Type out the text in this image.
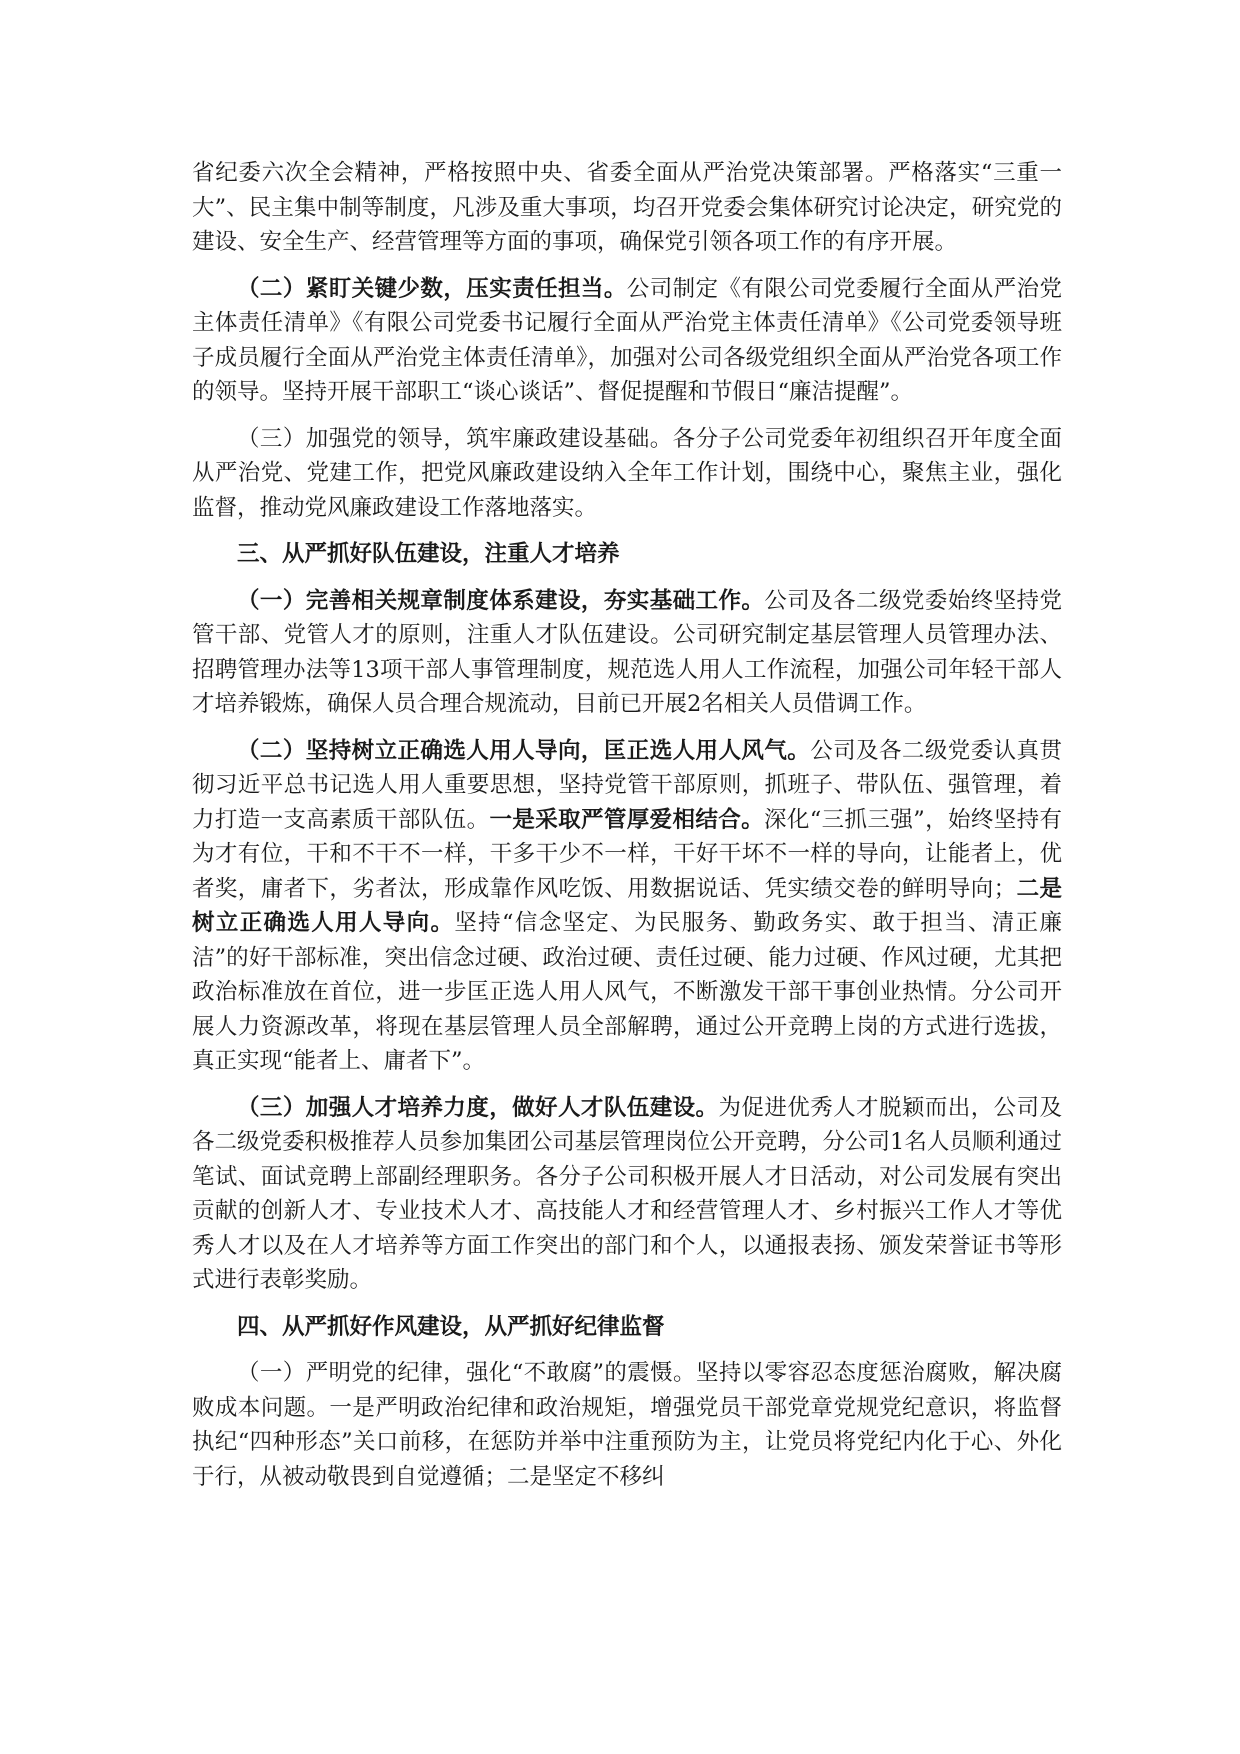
省纪委六次全会精神，严格按照中央、省委全面从严治党决策部署。严格落实“三重一大”、民主集中制等制度，凡涉及重大事项，均召开党委会集体研究讨论决定，研究党的建设、安全生产、经营管理等方面的事项，确保党引领各项工作的有序开展。

（二）紧盯关键少数，压实责任担当。公司制定《有限公司党委履行全面从严治党主体责任清单》《有限公司党委书记履行全面从严治党主体责任清单》《公司党委领导班子成员履行全面从严治党主体责任清单》，加强对公司各级党组织全面从严治党各项工作的领导。坚持开展干部职工“谈心谈话”、督促提醒和节假日“廉洁提醒”。

（三）加强党的领导，筑牢廉政建设基础。各分子公司党委年初组织召开年度全面从严治党、党建工作，把党风廉政建设纳入全年工作计划，围绕中心，聚焦主业，强化监督，推动党风廉政建设工作落地落实。

三、从严抓好队伍建设，注重人才培养

（一）完善相关规章制度体系建设，夯实基础工作。公司及各二级党委始终坚持党管干部、党管人才的原则，注重人才队伍建设。公司研究制定基层管理人员管理办法、招聘管理办法等13项干部人事管理制度，规范选人用人工作流程，加强公司年轻干部人才培养锻炼，确保人员合理合规流动，目前已开展2名相关人员借调工作。

（二）坚持树立正确选人用人导向，匡正选人用人风气。公司及各二级党委认真贯彻习近平总书记选人用人重要思想，坚持党管干部原则，抓班子、带队伍、强管理，着力打造一支高素质干部队伍。一是采取严管厚爱相结合。深化“三抓三强”，始终坚持有为才有位，干和不干不一样，干多干少不一样，干好干坏不一样的导向，让能者上，优者奖，庸者下，劣者汰，形成靠作风吃饭、用数据说话、凭实绩交卷的鲜明导向；二是树立正确选人用人导向。坚持“信念坚定、为民服务、勤政务实、敢于担当、清正廉洁”的好干部标准，突出信念过硬、政治过硬、责任过硬、能力过硬、作风过硬，尤其把政治标准放在首位，进一步匡正选人用人风气，不断激发干部干事创业热情。分公司开展人力资源改革，将现在基层管理人员全部解聘，通过公开竞聘上岗的方式进行选拔，真正实现“能者上、庸者下”。

（三）加强人才培养力度，做好人才队伍建设。为促进优秀人才脱颖而出，公司及各二级党委积极推荐人员参加集团公司基层管理岗位公开竞聘，分公司1名人员顺利通过笔试、面试竞聘上部副经理职务。各分子公司积极开展人才日活动，对公司发展有突出贡献的创新人才、专业技术人才、高技能人才和经营管理人才、乡村振兴工作人才等优秀人才以及在人才培养等方面工作突出的部门和个人，以通报表扬、颁发荣誉证书等形式进行表彰奖励。

四、从严抓好作风建设，从严抓好纪律监督

（一）严明党的纪律，强化“不敢腐”的震慑。坚持以零容忍态度惩治腐败，解决腐败成本问题。一是严明政治纪律和政治规矩，增强党员干部党章党规党纪意识，将监督执纪“四种形态”关口前移，在惩防并举中注重预防为主，让党员将党纪内化于心、外化于行，从被动敬畏到自觉遵循；二是坚定不移纠
